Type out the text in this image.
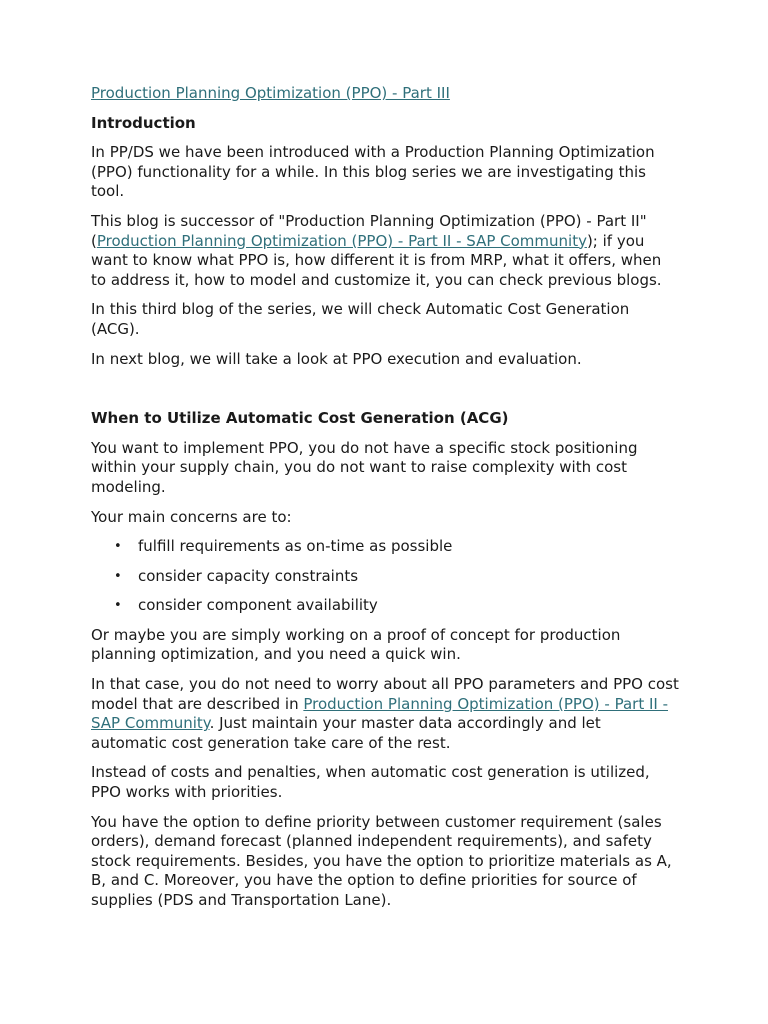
Production Planning Optimization (PPO) - Part III

Introduction

In PP/DS we have been introduced with a Production Planning Optimization (PPO) functionality for a while. In this blog series we are investigating this tool.

This blog is successor of "Production Planning Optimization (PPO) - Part II" (Production Planning Optimization (PPO) - Part II - SAP Community); if you want to know what PPO is, how different it is from MRP, what it offers, when to address it, how to model and customize it, you can check previous blogs.

In this third blog of the series, we will check Automatic Cost Generation (ACG).

In next blog, we will take a look at PPO execution and evaluation.

When to Utilize Automatic Cost Generation (ACG)

You want to implement PPO, you do not have a specific stock positioning within your supply chain, you do not want to raise complexity with cost modeling.

Your main concerns are to:

• fulfill requirements as on-time as possible
• consider capacity constraints
• consider component availability

Or maybe you are simply working on a proof of concept for production planning optimization, and you need a quick win.

In that case, you do not need to worry about all PPO parameters and PPO cost model that are described in Production Planning Optimization (PPO) - Part II - SAP Community. Just maintain your master data accordingly and let automatic cost generation take care of the rest.

Instead of costs and penalties, when automatic cost generation is utilized, PPO works with priorities.

You have the option to define priority between customer requirement (sales orders), demand forecast (planned independent requirements), and safety stock requirements. Besides, you have the option to prioritize materials as A, B, and C. Moreover, you have the option to define priorities for source of supplies (PDS and Transportation Lane).
